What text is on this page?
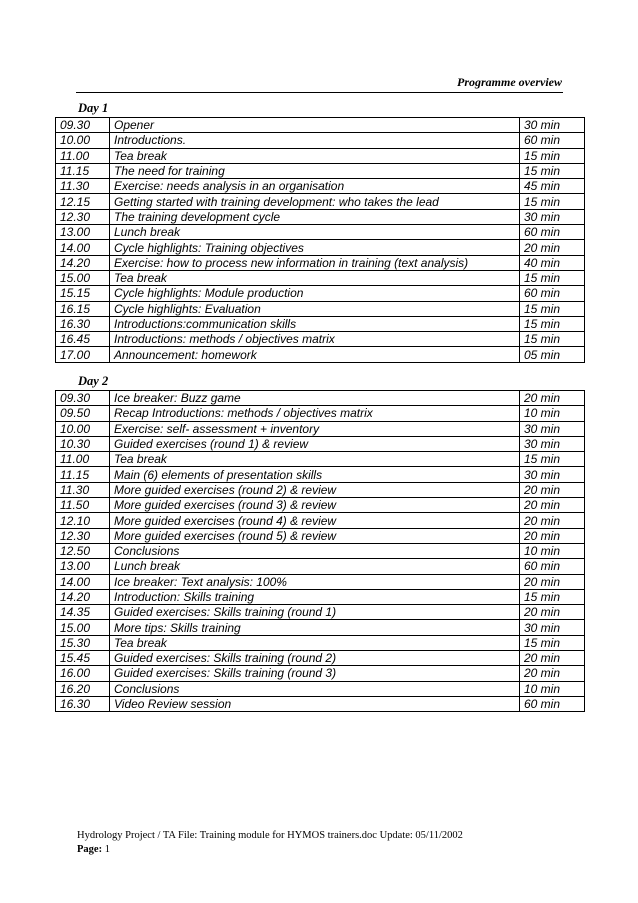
Programme overview
Day 1
09.30	Opener	30 min
10.00	Introductions.	60 min
11.00	Tea break	15 min
11.15	The need for training	15 min
11.30	Exercise: needs analysis in an organisation	45 min
12.15	Getting started with training development: who takes the lead	15 min
12.30	The training development cycle	30 min
13.00	Lunch break	60 min
14.00	Cycle highlights: Training objectives	20 min
14.20	Exercise: how to process new information in training (text analysis)	40 min
15.00	Tea break	15 min
15.15	Cycle highlights: Module production	60 min
16.15	Cycle highlights: Evaluation	15 min
16.30	Introductions:communication skills	15 min
16.45	Introductions: methods / objectives matrix	15 min
17.00	Announcement: homework	05 min
Day 2
09.30	Ice breaker: Buzz game	20 min
09.50	Recap Introductions: methods / objectives matrix	10 min
10.00	Exercise: self- assessment + inventory	30 min
10.30	Guided exercises (round 1) & review	30 min
11.00	Tea break	15 min
11.15	Main (6) elements of presentation skills	30 min
11.30	More guided exercises (round 2) & review	20 min
11.50	More guided exercises (round 3) & review	20 min
12.10	More guided exercises (round 4) & review	20 min
12.30	More guided exercises (round 5) & review	20 min
12.50	Conclusions	10 min
13.00	Lunch break	60 min
14.00	Ice breaker: Text analysis: 100%	20 min
14.20	Introduction: Skills training	15 min
14.35	Guided exercises: Skills training (round 1)	20 min
15.00	More tips: Skills training	30 min
15.30	Tea break	15 min
15.45	Guided exercises: Skills training (round 2)	20 min
16.00	Guided exercises: Skills training (round 3)	20 min
16.20	Conclusions	10 min
16.30	Video Review session	60 min
Hydrology Project / TA File: Training module for HYMOS trainers.doc Update: 05/11/2002
Page: 1
